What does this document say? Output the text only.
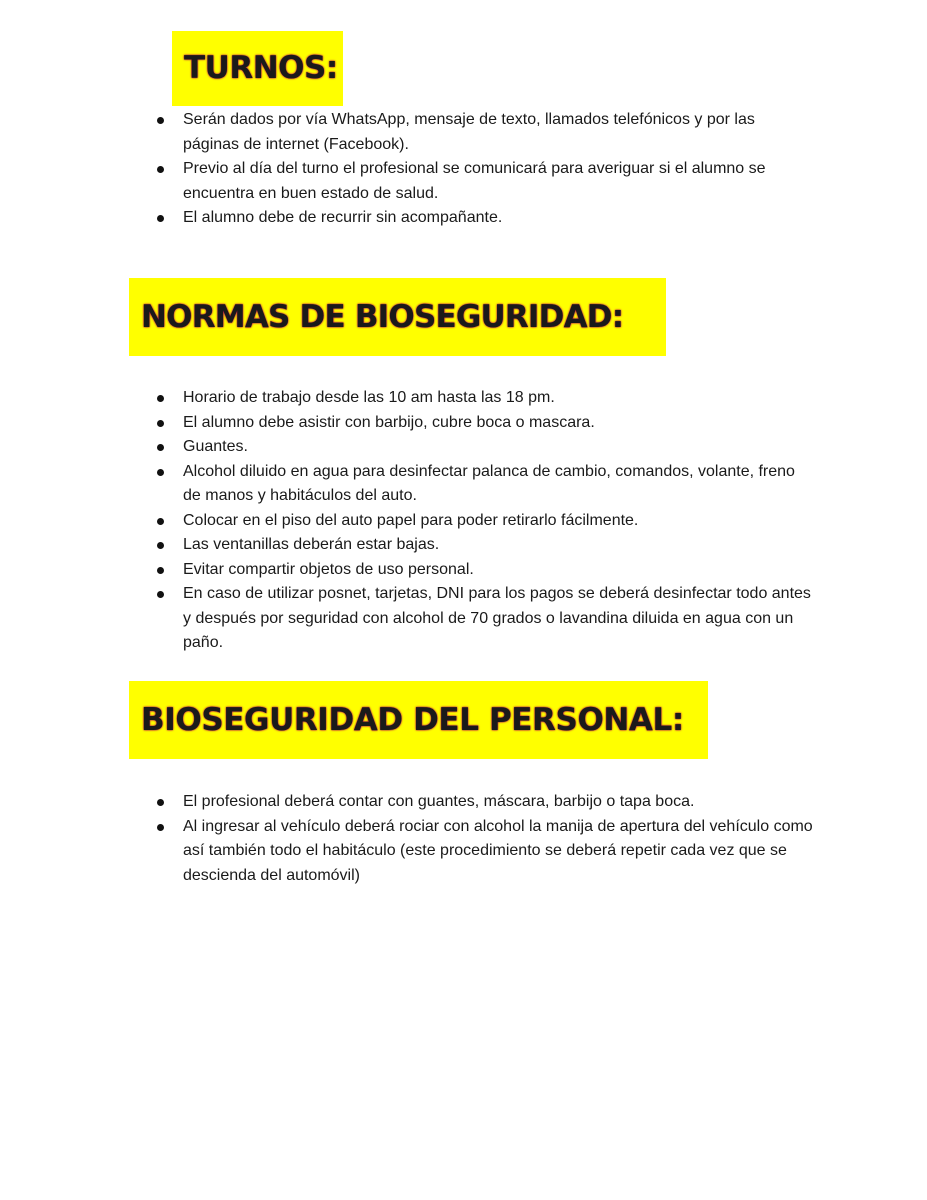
TURNOS:
Serán dados por vía WhatsApp, mensaje de texto, llamados telefónicos y por las páginas de internet (Facebook).
Previo al día del turno el profesional se comunicará para averiguar si el alumno se encuentra en buen estado de salud.
El alumno debe de recurrir sin acompañante.
NORMAS DE BIOSEGURIDAD:
Horario de trabajo desde las 10 am hasta las 18 pm.
El alumno debe asistir con barbijo, cubre boca o mascara.
Guantes.
Alcohol diluido en agua para desinfectar palanca de cambio, comandos, volante, freno de manos y habitáculos del auto.
Colocar en el piso del auto papel para poder retirarlo fácilmente.
Las ventanillas deberán estar bajas.
Evitar compartir objetos de uso personal.
En caso de utilizar posnet, tarjetas, DNI para los pagos se deberá desinfectar todo antes y después por seguridad con alcohol de 70 grados o lavandina diluida en agua con un paño.
BIOSEGURIDAD DEL PERSONAL:
El profesional deberá contar con guantes, máscara, barbijo o tapa boca.
Al ingresar al vehículo deberá rociar con alcohol la manija de apertura del vehículo como así también todo el habitáculo (este procedimiento se deberá repetir cada vez que se descienda del automóvil)
